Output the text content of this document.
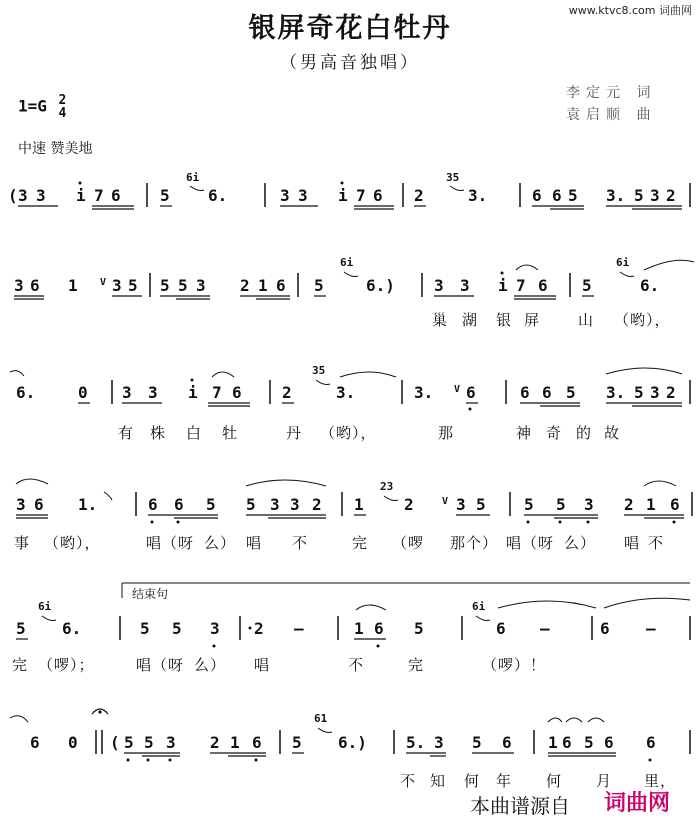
银屏奇花白牡丹
（男高音独唱）
www.ktvc8.com 词曲网
李定元 词
袁启顺 曲
1=G 2
4
中速 赞美地
( 3 3 i 7 6 5 6.	3 3 i 7 6 2	3.	6 6 5 3. 5 3 2
6i	35
3 6 1 V 3 5 5 5 3 2 1 6 5	6.) 3 3 i 7 6 5	6.
6i	6i
巢 湖 银 屏	山 （哟），
6.	0 3 3 i 7 6	2	3.	3. V 6	6 6 5 3. 5 3 2
35
有 株 白 牡	丹 （哟），	那	神 奇 的 故
3 6 1.	6 6 5 5 3 3 2 1	2	V 3 5 5 5 3 2 1 6
23
事 （哟），	唱（呀 么） 唱 不	完 （啰 那个） 唱（呀 么） 唱 不
结束句
5 6.	5 5 3 2 –	1 6 5	6 –	6 –
6i	6i
完 （啰）；	唱（呀 么） 唱	不	完	（啰）！
6 0 ( 5 5 3 2 1 6 5 6.) 5. 3 5 6 1 6 5 6 6
61
不 知 何 年 何 月 里，
本曲谱源自 词曲网
